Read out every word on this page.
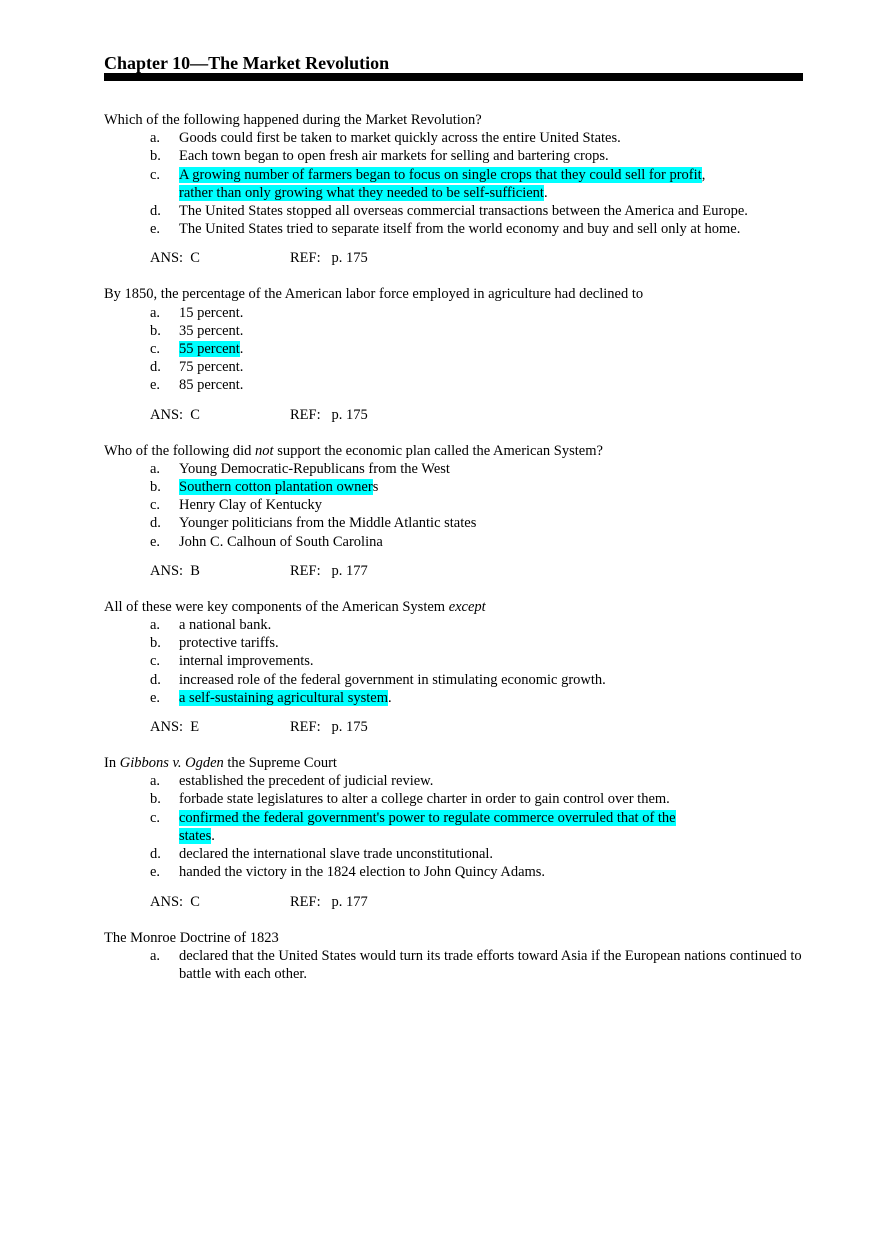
Chapter 10—The Market Revolution

Which of the following happened during the Market Revolution?

a. Goods could first be taken to market quickly across the entire United States.
b. Each town began to open fresh air markets for selling and bartering crops.
c. A growing number of farmers began to focus on single crops that they could sell for profit,
rather than only growing what they needed to be self-sufficient.
d. The United States stopped all overseas commercial transactions between the America and Europe.
e. The United States tried to separate itself from the world economy and buy and sell only at home.
ANS:  C	REF:   p. 175

By 1850, the percentage of the American labor force employed in agriculture had declined to

a. 15 percent.
b. 35 percent.
c. 55 percent.
d. 75 percent.
e. 85 percent.
ANS:  C	REF:   p. 175

Who of the following did not support the economic plan called the American System?

a. Young Democratic-Republicans from the West
b. Southern cotton plantation owners
c. Henry Clay of Kentucky
d. Younger politicians from the Middle Atlantic states
e. John C. Calhoun of South Carolina
ANS:  B	REF:   p. 177

All of these were key components of the American System except

a. a national bank.
b. protective tariffs.
c. internal improvements.
d. increased role of the federal government in stimulating economic growth.
e. a self-sustaining agricultural system.
ANS:  E	REF:   p. 175

In Gibbons v. Ogden the Supreme Court

a. established the precedent of judicial review.
b. forbade state legislatures to alter a college charter in order to gain control over them.
c. confirmed the federal government's power to regulate commerce overruled that of the
states.
d. declared the international slave trade unconstitutional.
e. handed the victory in the 1824 election to John Quincy Adams.
ANS:  C	REF:   p. 177

The Monroe Doctrine of 1823

a. declared that the United States would turn its trade efforts toward Asia if the European nations continued to battle with each other.
